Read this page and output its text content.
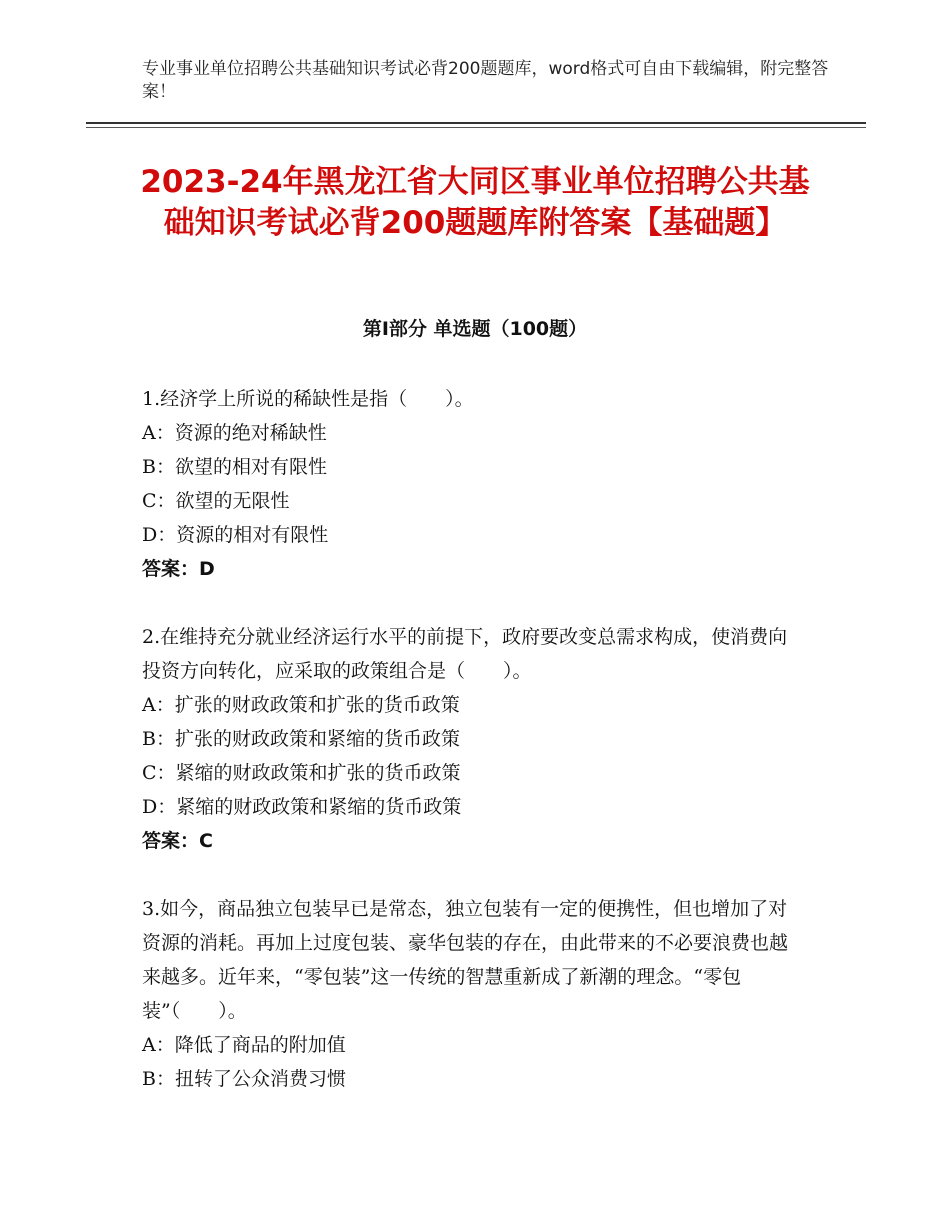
专业事业单位招聘公共基础知识考试必背200题题库，word格式可自由下载编辑，附完整答案！
2023-24年黑龙江省大同区事业单位招聘公共基础知识考试必背200题题库附答案【基础题】
第Ⅰ部分 单选题（100题）

1.经济学上所说的稀缺性是指（　　）。

A：资源的绝对稀缺性

B：欲望的相对有限性

C：欲望的无限性

D：资源的相对有限性

答案：D

2.在维持充分就业经济运行水平的前提下，政府要改变总需求构成，使消费向投资方向转化，应采取的政策组合是（　　）。

A：扩张的财政政策和扩张的货币政策

B：扩张的财政政策和紧缩的货币政策

C：紧缩的财政政策和扩张的货币政策

D：紧缩的财政政策和紧缩的货币政策

答案：C

3.如今，商品独立包装早已是常态，独立包装有一定的便携性，但也增加了对资源的消耗。再加上过度包装、豪华包装的存在，由此带来的不必要浪费也越来越多。近年来，“零包装”这一传统的智慧重新成了新潮的理念。“零包装”（　　）。

A：降低了商品的附加值

B：扭转了公众消费习惯
